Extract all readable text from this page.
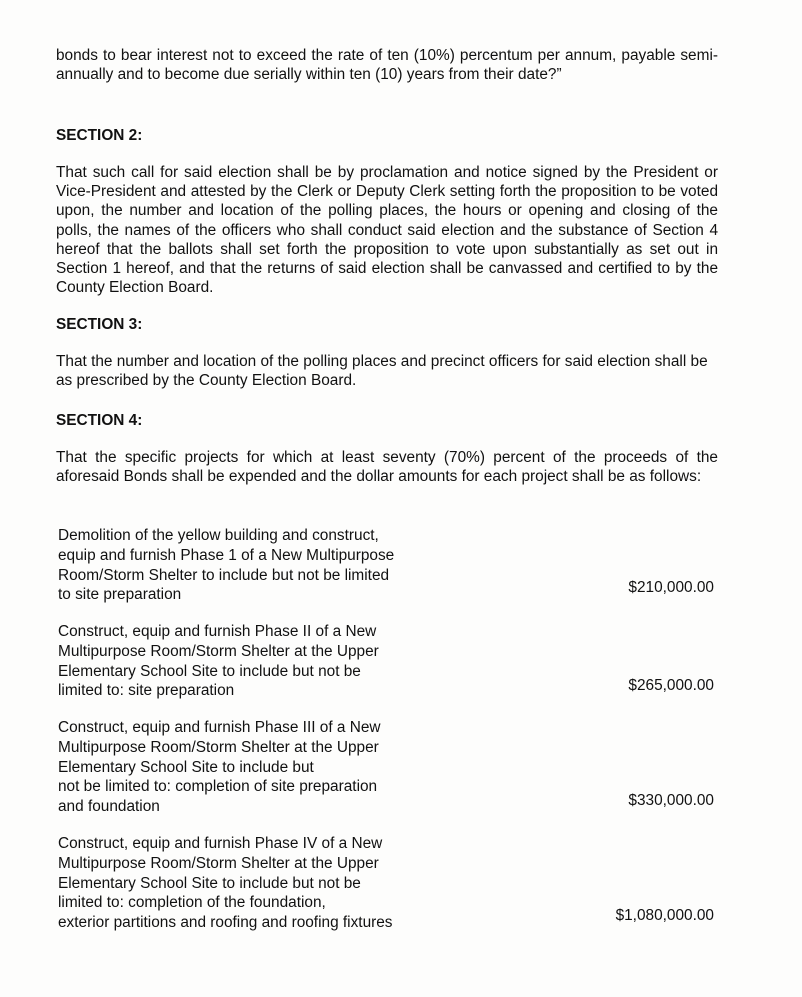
bonds to bear interest not to exceed the rate of ten (10%) percentum per annum, payable semi-annually and to become due serially within ten (10) years from their date?”

SECTION 2:

That such call for said election shall be by proclamation and notice signed by the President or Vice-President and attested by the Clerk or Deputy Clerk setting forth the proposition to be voted upon, the number and location of the polling places, the hours or opening and closing of the polls, the names of the officers who shall conduct said election and the substance of Section 4 hereof that the ballots shall set forth the proposition to vote upon substantially as set out in Section 1 hereof, and that the returns of said election shall be canvassed and certified to by the County Election Board.

SECTION 3:

That the number and location of the polling places and precinct officers for said election shall be as prescribed by the County Election Board.

SECTION 4:

That the specific projects for which at least seventy (70%) percent of the proceeds of the aforesaid Bonds shall be expended and the dollar amounts for each project shall be as follows:

Demolition of the yellow building and construct,
equip and furnish Phase 1 of a New Multipurpose
Room/Storm Shelter to include but not be limited
to site preparation	$210,000.00

Construct, equip and furnish Phase II of a New
Multipurpose Room/Storm Shelter at the Upper
Elementary School Site to include but not be
limited to: site preparation	$265,000.00

Construct, equip and furnish Phase III of a New
Multipurpose Room/Storm Shelter at the Upper
Elementary School Site to include but
not be limited to: completion of site preparation
and foundation	$330,000.00

Construct, equip and furnish Phase IV of a New
Multipurpose Room/Storm Shelter at the Upper
Elementary School Site to include but not be
limited to: completion of the foundation,
exterior partitions and roofing and roofing fixtures	$1,080,000.00
